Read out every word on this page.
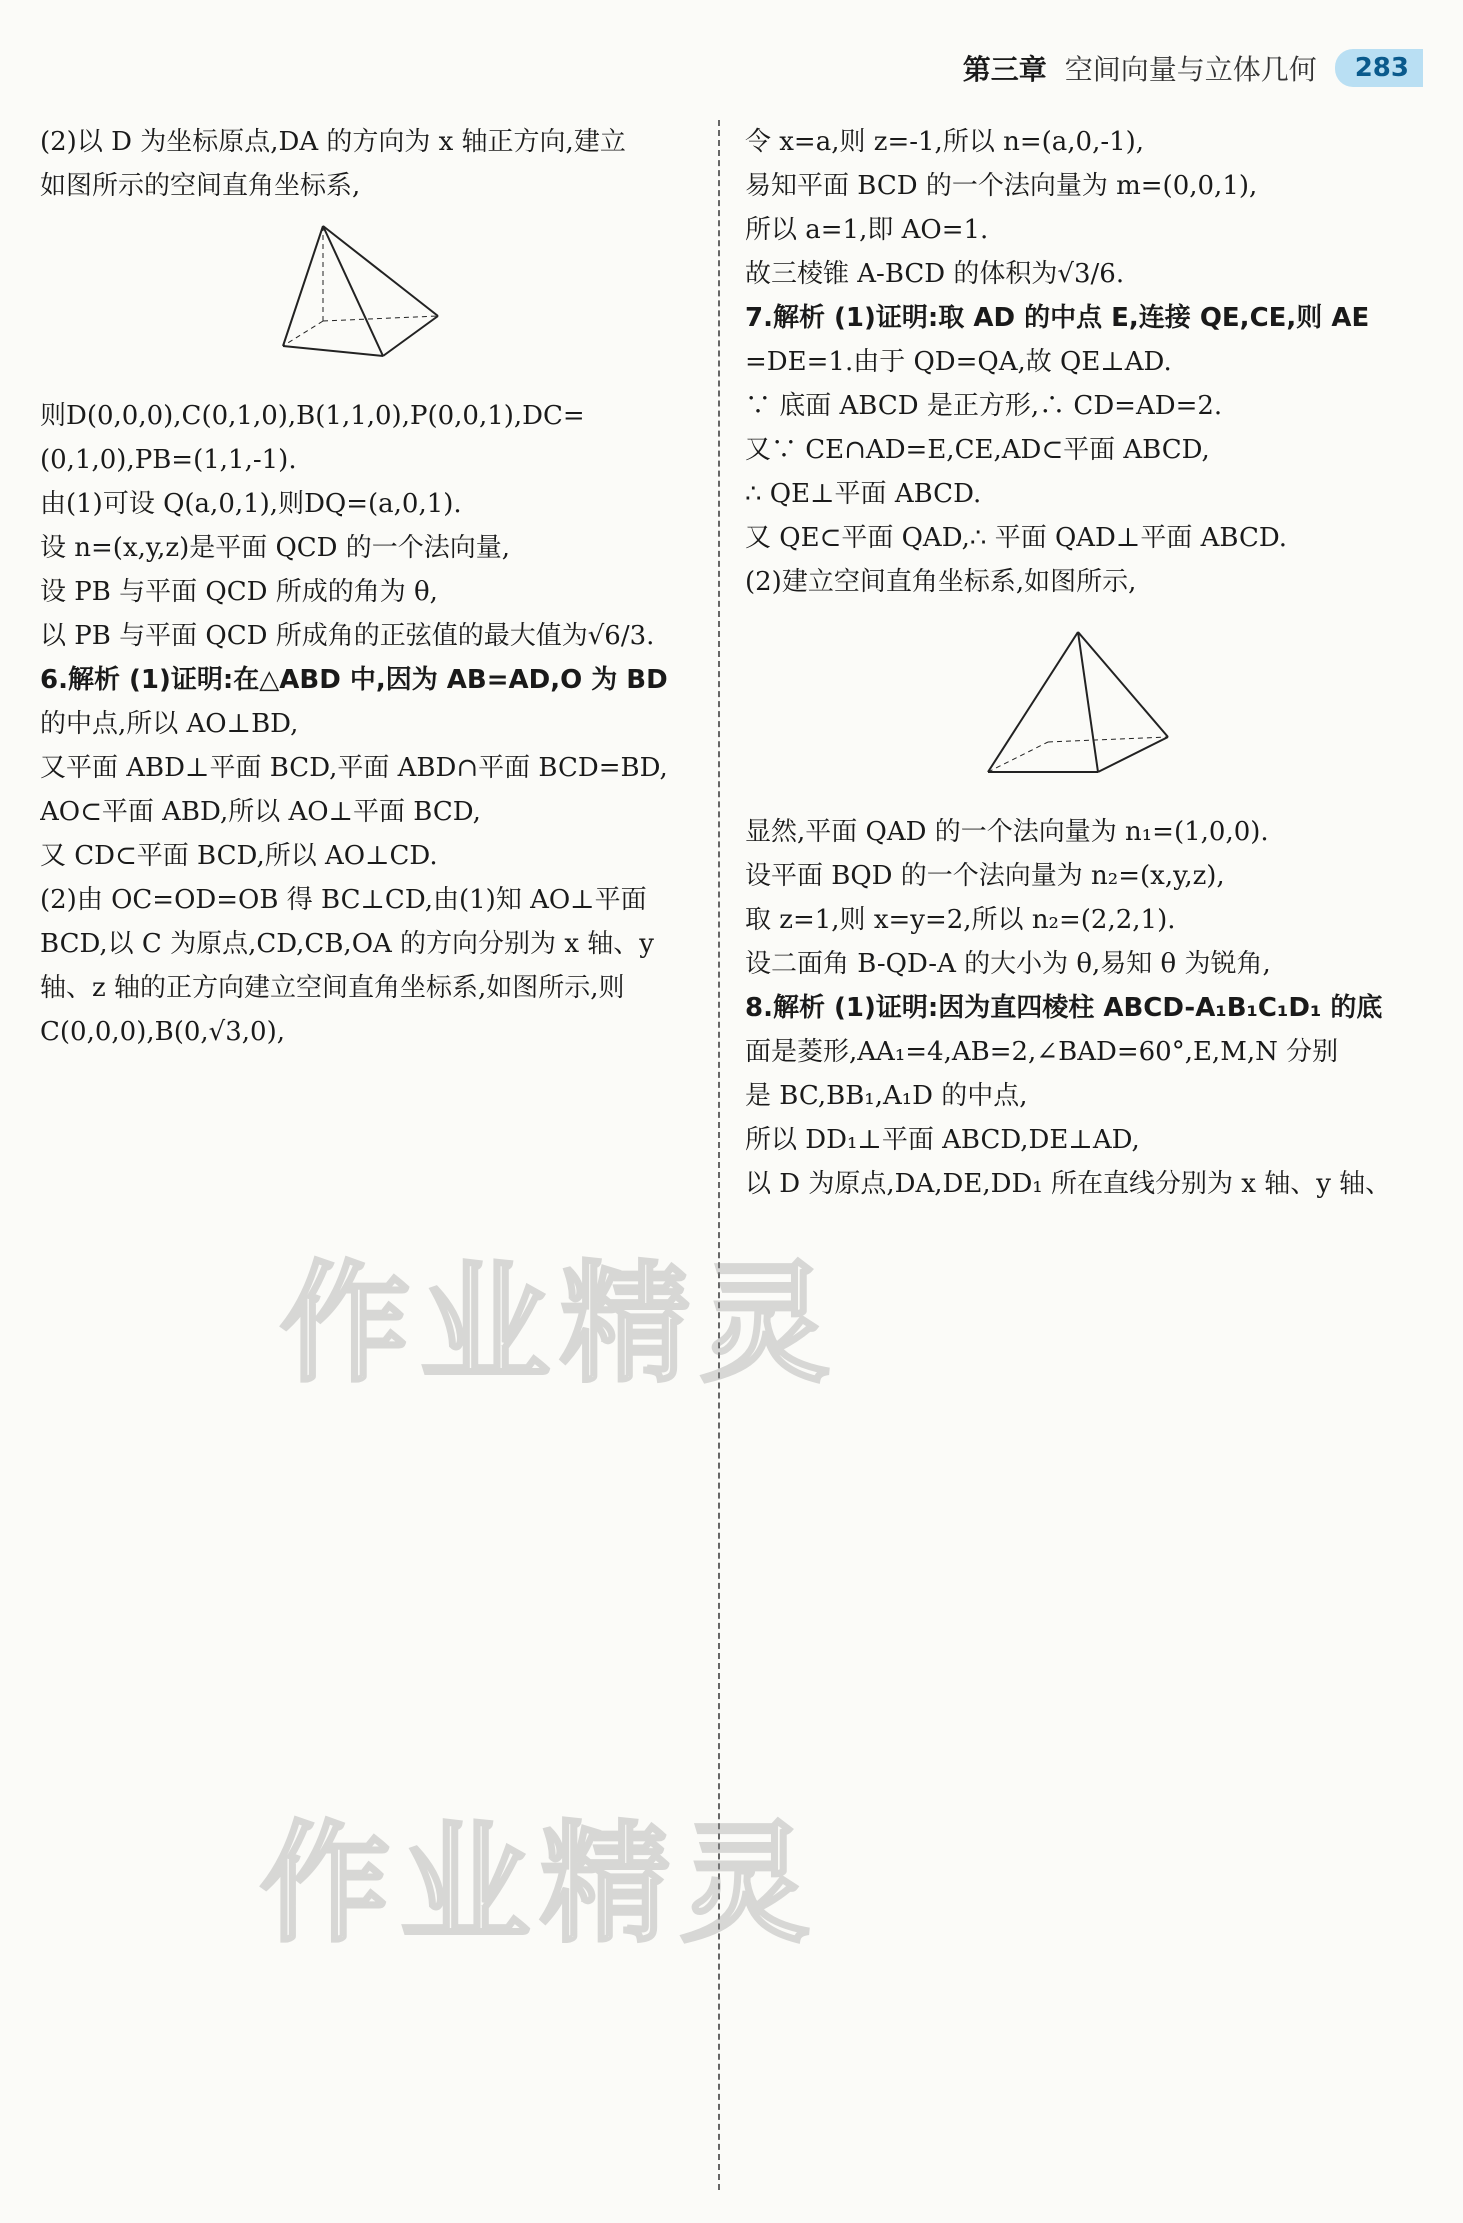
第三章 空间向量与立体几何	283
(2)以 D 为坐标原点,DA 的方向为 x 轴正方向,建立
如图所示的空间直角坐标系,
则D(0,0,0),C(0,1,0),B(1,1,0),P(0,0,1),DC=
(0,1,0),PB=(1,1,-1).
由(1)可设 Q(a,0,1),则DQ=(a,0,1).
设 n=(x,y,z)是平面 QCD 的一个法向量,
设 PB 与平面 QCD 所成的角为 θ,
以 PB 与平面 QCD 所成角的正弦值的最大值为√6/3.
6.解析 (1)证明:在△ABD 中,因为 AB=AD,O 为 BD
的中点,所以 AO⊥BD,
又平面 ABD⊥平面 BCD,平面 ABD∩平面 BCD=BD,
AO⊂平面 ABD,所以 AO⊥平面 BCD,
又 CD⊂平面 BCD,所以 AO⊥CD.
(2)由 OC=OD=OB 得 BC⊥CD,由(1)知 AO⊥平面
BCD,以 C 为原点,CD,CB,OA 的方向分别为 x 轴、y
轴、z 轴的正方向建立空间直角坐标系,如图所示,则
C(0,0,0),B(0,√3,0),
令 x=a,则 z=-1,所以 n=(a,0,-1),
易知平面 BCD 的一个法向量为 m=(0,0,1),
所以 a=1,即 AO=1.
故三棱锥 A-BCD 的体积为√3/6.
7.解析 (1)证明:取 AD 的中点 E,连接 QE,CE,则 AE
=DE=1.由于 QD=QA,故 QE⊥AD.
∵ 底面 ABCD 是正方形,∴ CD=AD=2.
又∵ CE∩AD=E,CE,AD⊂平面 ABCD,
∴ QE⊥平面 ABCD.
又 QE⊂平面 QAD,∴ 平面 QAD⊥平面 ABCD.
(2)建立空间直角坐标系,如图所示,
显然,平面 QAD 的一个法向量为 n₁=(1,0,0).
设平面 BQD 的一个法向量为 n₂=(x,y,z),
取 z=1,则 x=y=2,所以 n₂=(2,2,1).
设二面角 B-QD-A 的大小为 θ,易知 θ 为锐角,
8.解析 (1)证明:因为直四棱柱 ABCD-A₁B₁C₁D₁ 的底
面是菱形,AA₁=4,AB=2,∠BAD=60°,E,M,N 分别
是 BC,BB₁,A₁D 的中点,
所以 DD₁⊥平面 ABCD,DE⊥AD,
以 D 为原点,DA,DE,DD₁ 所在直线分别为 x 轴、y 轴、
作业精灵
作业精灵
